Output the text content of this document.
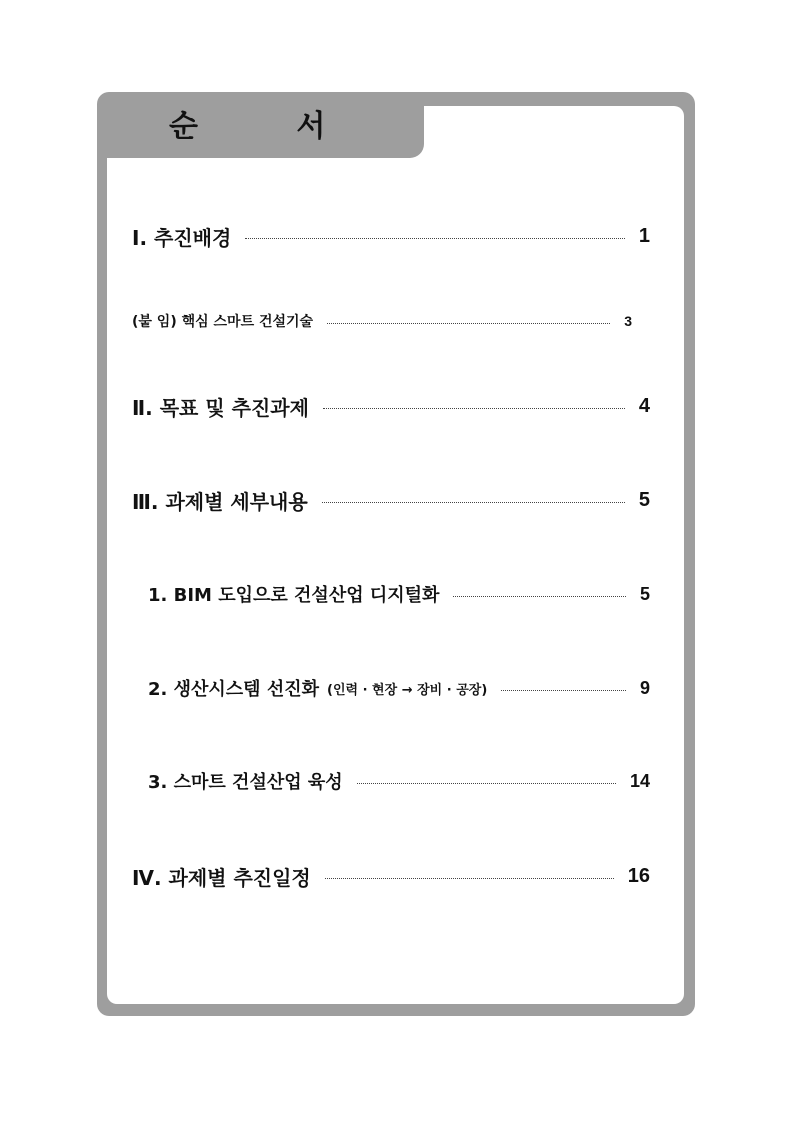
순 서
Ⅰ. 추진배경	1
(붙 임) 핵심 스마트 건설기술	3
Ⅱ. 목표 및 추진과제	4
Ⅲ. 과제별 세부내용	5
1. BIM 도입으로 건설산업 디지털화	5
2. 생산시스템 선진화 (인력 · 현장 → 장비 · 공장)	9
3. 스마트 건설산업 육성	14
Ⅳ. 과제별 추진일정	16
